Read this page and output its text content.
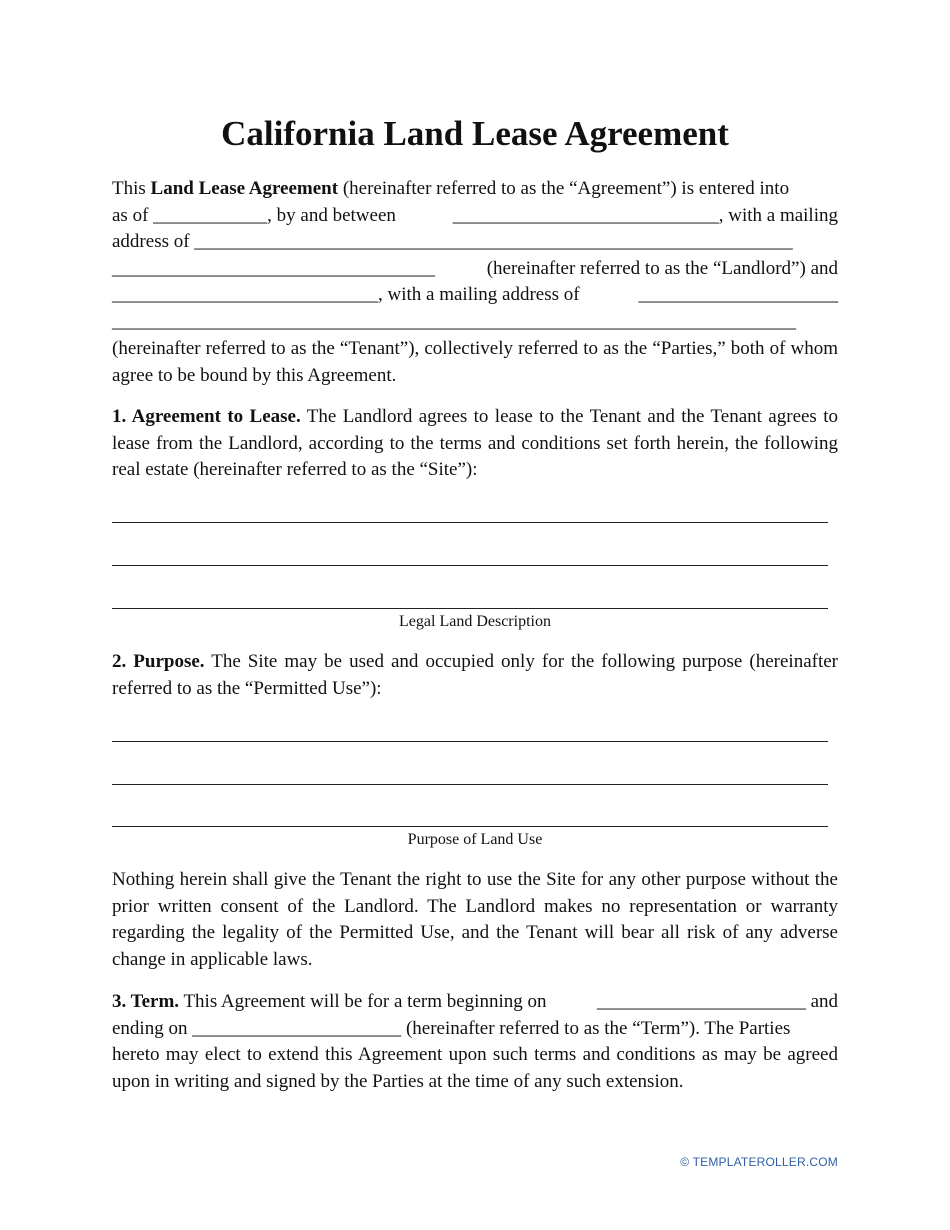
California Land Lease Agreement
This Land Lease Agreement (hereinafter referred to as the “Agreement”) is entered into
as of ____________, by and between	____________________________, with a mailing
address of _______________________________________________________________
__________________________________	(hereinafter referred to as the “Landlord”) and
____________________________, with a mailing address of	_____________________
________________________________________________________________________

(hereinafter referred to as the “Tenant”), collectively referred to as the “Parties,” both of whom agree to be bound by this Agreement.

1. Agreement to Lease. The Landlord agrees to lease to the Tenant and the Tenant agrees to lease from the Landlord, according to the terms and conditions set forth herein, the following real estate (hereinafter referred to as the “Site”):

Legal Land Description

2. Purpose. The Site may be used and occupied only for the following purpose (hereinafter referred to as the “Permitted Use”):

Purpose of Land Use

Nothing herein shall give the Tenant the right to use the Site for any other purpose without the prior written consent of the Landlord. The Landlord makes no representation or warranty regarding the legality of the Permitted Use, and the Tenant will bear all risk of any adverse change in applicable laws.

3. Term. This Agreement will be for a term beginning on	______________________ and
ending on ______________________ (hereinafter referred to as the “Term”). The Parties

hereto may elect to extend this Agreement upon such terms and conditions as may be agreed upon in writing and signed by the Parties at the time of any such extension.

© TEMPLATEROLLER.COM
